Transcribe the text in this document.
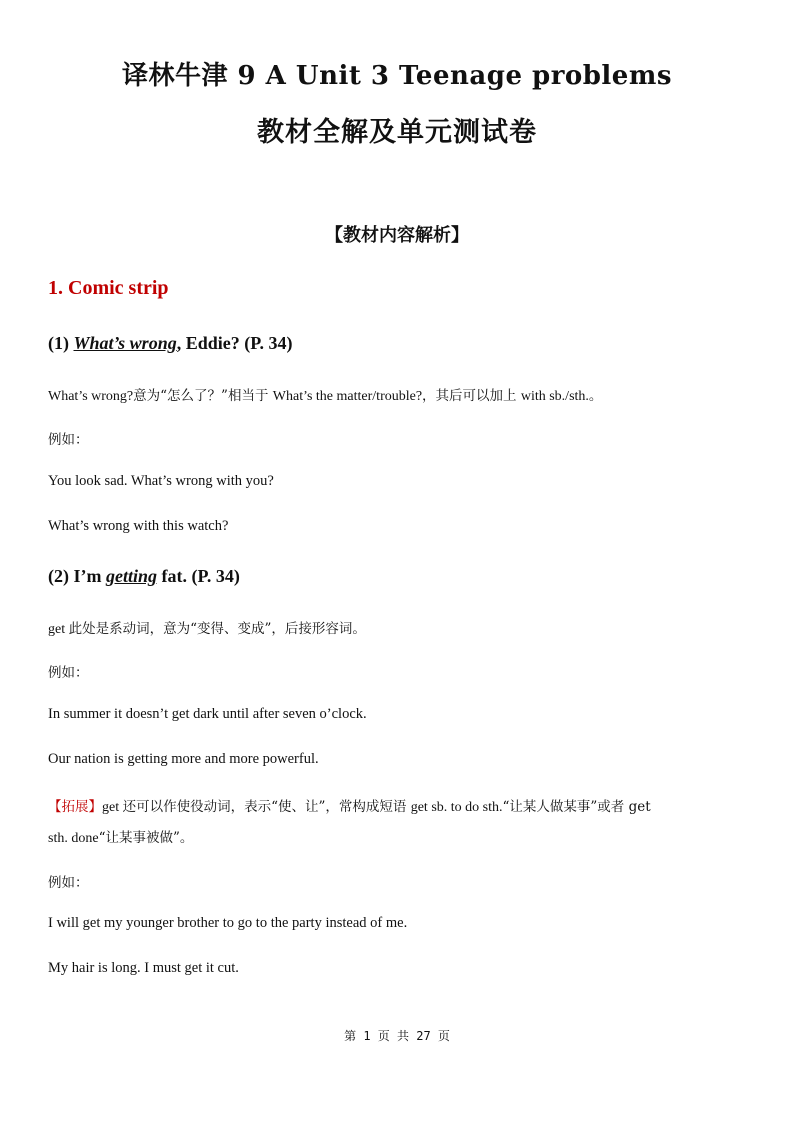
译林牛津 9 A Unit 3 Teenage problems
教材全解及单元测试卷
【教材内容解析】
1. Comic strip
(1) What’s wrong, Eddie? (P. 34)
What’s wrong?意为“怎么了？”相当于 What’s the matter/trouble?，其后可以加上 with sb./sth.。
例如：
You look sad. What’s wrong with you?
What’s wrong with this watch?
(2) I’m getting fat. (P. 34)
get 此处是系动词，意为“变得、变成”，后接形容词。
例如：
In summer it doesn’t get dark until after seven o’clock.
Our nation is getting more and more powerful.
【拓展】get 还可以作使役动词，表示“使、让”，常构成短语 get sb. to do sth.“让某人做某事”或者 get
sth. done“让某事被做”。
例如：
I will get my younger brother to go to the party instead of me.
My hair is long. I must get it cut.
第 1 页 共 27 页
